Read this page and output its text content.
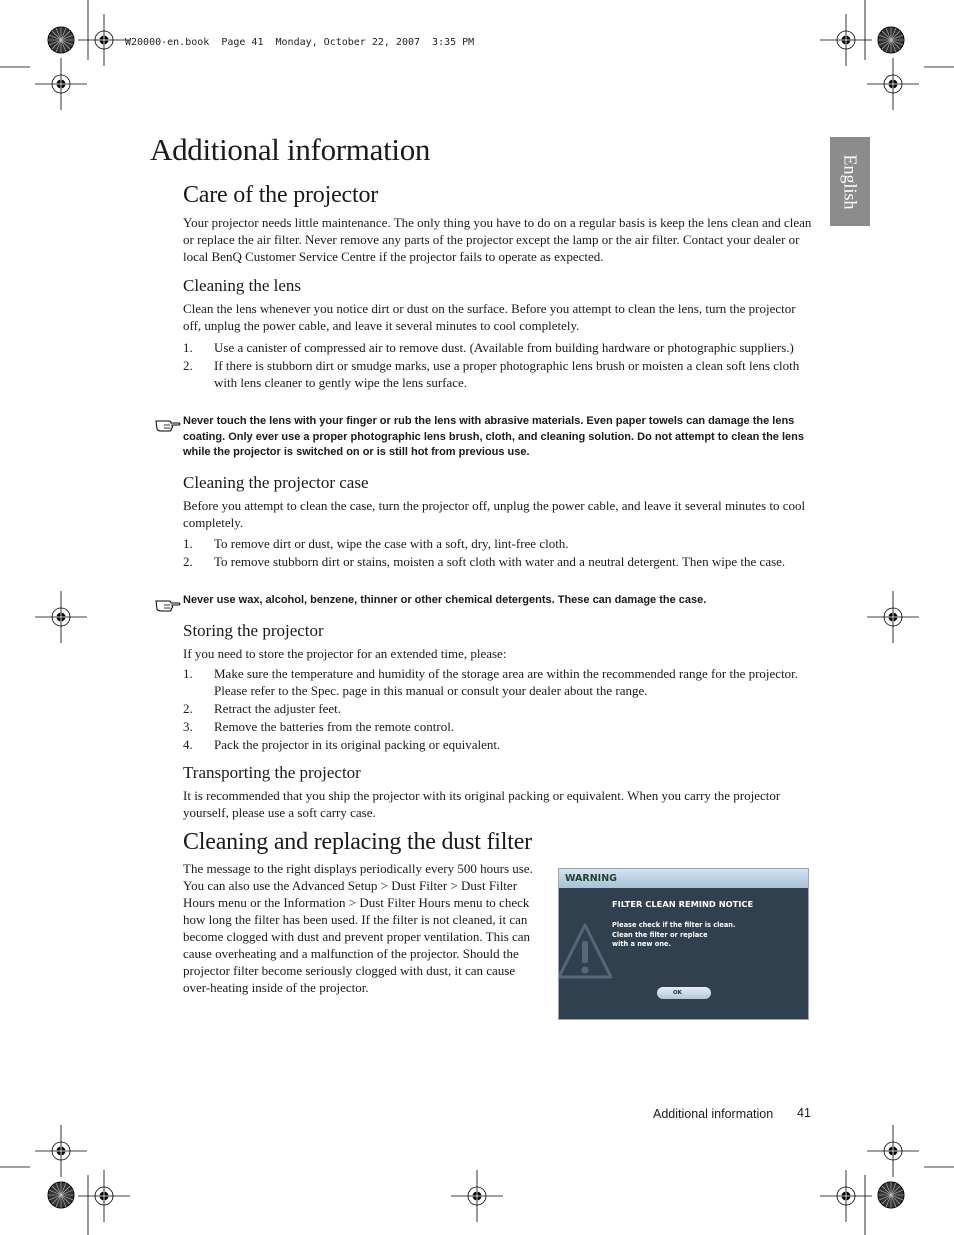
W20000-en.book  Page 41  Monday, October 22, 2007  3:35 PM
English
Additional information
Care of the projector

Your projector needs little maintenance. The only thing you have to do on a regular basis is keep the lens clean and clean or replace the air filter. Never remove any parts of the projector except the lamp or the air filter. Contact your dealer or local BenQ Customer Service Centre if the projector fails to operate as expected.

Cleaning the lens

Clean the lens whenever you notice dirt or dust on the surface. Before you attempt to clean the lens, turn the projector off, unplug the power cable, and leave it several minutes to cool completely.

1. Use a canister of compressed air to remove dust. (Available from building hardware or photographic suppliers.)
2. If there is stubborn dirt or smudge marks, use a proper photographic lens brush or moisten a clean soft lens cloth with lens cleaner to gently wipe the lens surface.
Never touch the lens with your finger or rub the lens with abrasive materials. Even paper towels can damage the lens coating. Only ever use a proper photographic lens brush, cloth, and cleaning solution. Do not attempt to clean the lens while the projector is switched on or is still hot from previous use.
Cleaning the projector case

Before you attempt to clean the case, turn the projector off, unplug the power cable, and leave it several minutes to cool completely.

1. To remove dirt or dust, wipe the case with a soft, dry, lint-free cloth.
2. To remove stubborn dirt or stains, moisten a soft cloth with water and a neutral detergent. Then wipe the case.
Never use wax, alcohol, benzene, thinner or other chemical detergents. These can damage the case.
Storing the projector

If you need to store the projector for an extended time, please:

1. Make sure the temperature and humidity of the storage area are within the recommended range for the projector. Please refer to the Spec. page in this manual or consult your dealer about the range.
2. Retract the adjuster feet.
3. Remove the batteries from the remote control.
4. Pack the projector in its original packing or equivalent.
Transporting the projector

It is recommended that you ship the projector with its original packing or equivalent. When you carry the projector yourself, please use a soft carry case.

Cleaning and replacing the dust filter

The message to the right displays periodically every 500 hours use. You can also use the Advanced Setup > Dust Filter > Dust Filter Hours menu or the Information > Dust Filter Hours menu to check how long the filter has been used. If the filter is not cleaned, it can become clogged with dust and prevent proper ventilation. This can cause overheating and a malfunction of the projector. Should the projector filter become seriously clogged with dust, it can cause over-heating inside of the projector.

WARNING
FILTER CLEAN REMIND NOTICE
Please check if the filter is clean.
Clean the filter or replace
with a new one.
OK
Additional information 41
